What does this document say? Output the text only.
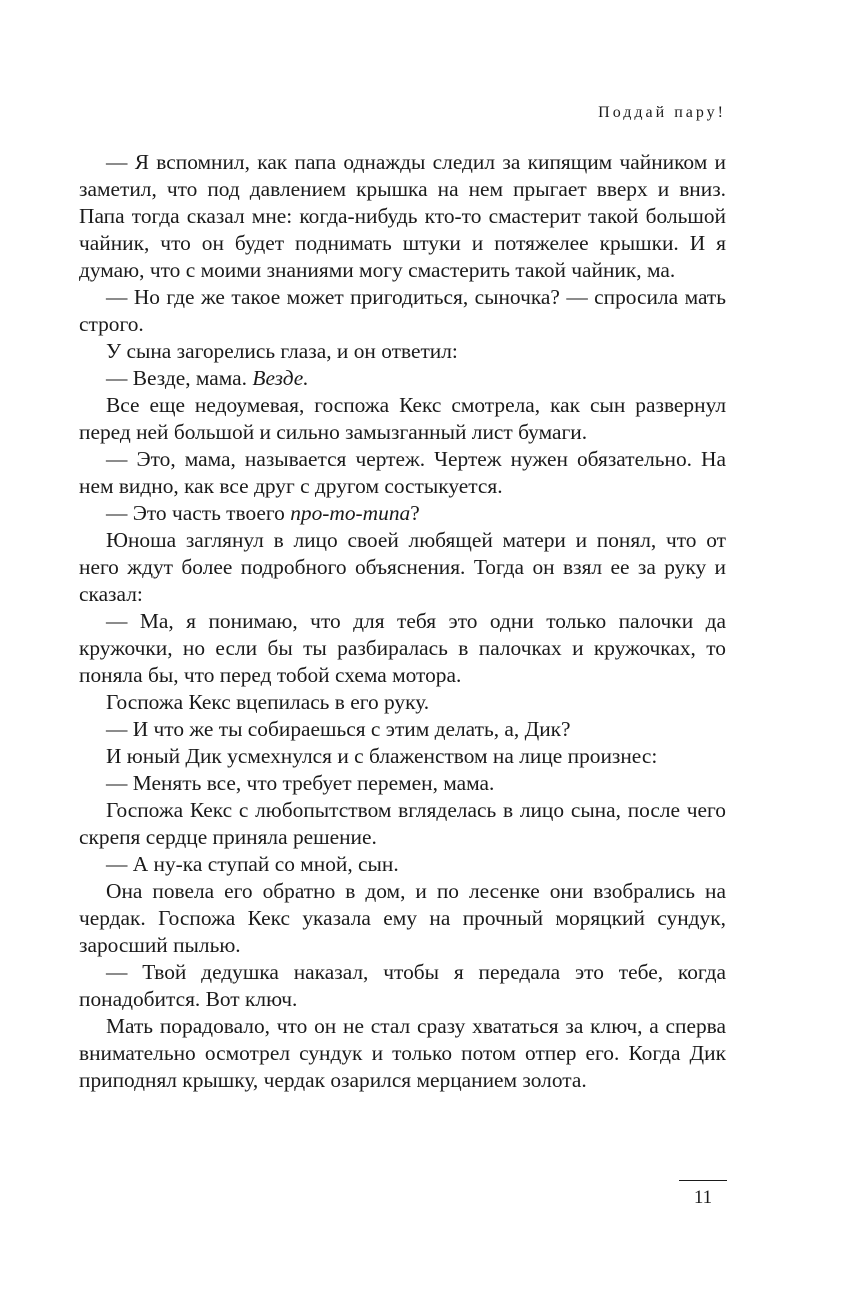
Поддай пару!

— Я вспомнил, как папа однажды следил за кипящим чайником и заметил, что под давлением крышка на нем прыгает вверх и вниз. Папа тогда сказал мне: когда-нибудь кто-то смастерит такой большой чайник, что он будет поднимать штуки и потяжелее крышки. И я думаю, что с моими знаниями могу смастерить такой чайник, ма.

— Но где же такое может пригодиться, сыночка? — спросила мать строго.

У сына загорелись глаза, и он ответил:

— Везде, мама. Везде.

Все еще недоумевая, госпожа Кекс смотрела, как сын развернул перед ней большой и сильно замызганный лист бумаги.

— Это, мама, называется чертеж. Чертеж нужен обязательно. На нем видно, как все друг с другом состыкуется.

— Это часть твоего про-то-типа?

Юноша заглянул в лицо своей любящей матери и понял, что от него ждут более подробного объяснения. Тогда он взял ее за руку и сказал:

— Ма, я понимаю, что для тебя это одни только палочки да кружочки, но если бы ты разбиралась в палочках и кружочках, то поняла бы, что перед тобой схема мотора.

Госпожа Кекс вцепилась в его руку.

— И что же ты собираешься с этим делать, а, Дик?

И юный Дик усмехнулся и с блаженством на лице произнес:

— Менять все, что требует перемен, мама.

Госпожа Кекс с любопытством вгляделась в лицо сына, после чего скрепя сердце приняла решение.

— А ну-ка ступай со мной, сын.

Она повела его обратно в дом, и по лесенке они взобрались на чердак. Госпожа Кекс указала ему на прочный моряцкий сундук, заросший пылью.

— Твой дедушка наказал, чтобы я передала это тебе, когда понадобится. Вот ключ.

Мать порадовало, что он не стал сразу хвататься за ключ, а сперва внимательно осмотрел сундук и только потом отпер его. Когда Дик приподнял крышку, чердак озарился мерцанием золота.

11
